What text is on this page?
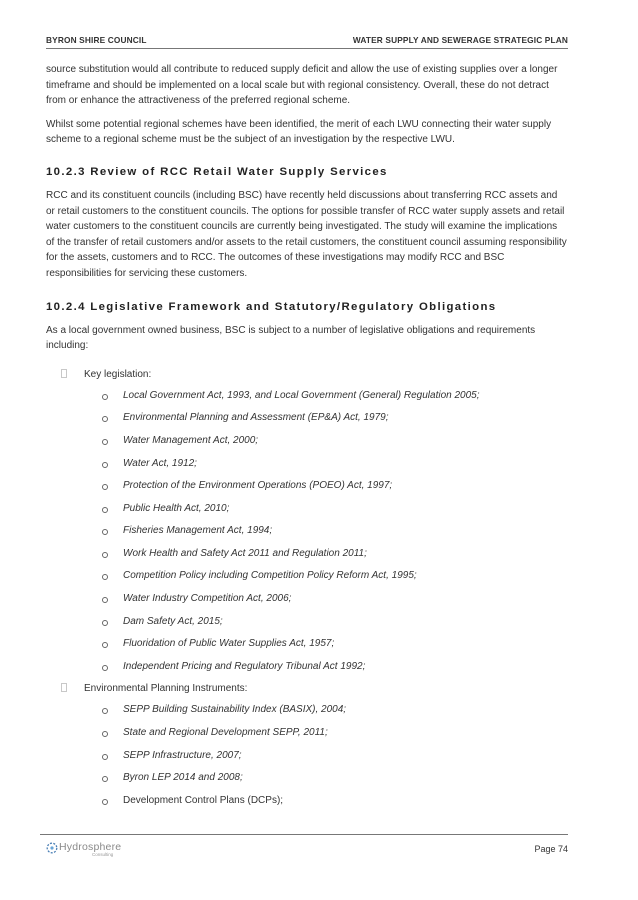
BYRON SHIRE COUNCIL	WATER SUPPLY AND SEWERAGE STRATEGIC PLAN

source substitution would all contribute to reduced supply deficit and allow the use of existing supplies over a longer timeframe and should be implemented on a local scale but with regional consistency. Overall, these do not detract from or enhance the attractiveness of the preferred regional scheme.

Whilst some potential regional schemes have been identified, the merit of each LWU connecting their water supply scheme to a regional scheme must be the subject of an investigation by the respective LWU.

10.2.3 Review of RCC Retail Water Supply Services

RCC and its constituent councils (including BSC) have recently held discussions about transferring RCC assets and or retail customers to the constituent councils. The options for possible transfer of RCC water supply assets and retail water customers to the constituent councils are currently being investigated. The study will examine the implications of the transfer of retail customers and/or assets to the retail customers, the constituent council assuming responsibility for the assets, customers and to RCC. The outcomes of these investigations may modify RCC and BSC responsibilities for servicing these customers.

10.2.4 Legislative Framework and Statutory/Regulatory Obligations

As a local government owned business, BSC is subject to a number of legislative obligations and requirements including:

Key legislation:
Local Government Act, 1993, and Local Government (General) Regulation 2005;
Environmental Planning and Assessment (EP&A) Act, 1979;
Water Management Act, 2000;
Water Act, 1912;
Protection of the Environment Operations (POEO) Act, 1997;
Public Health Act, 2010;
Fisheries Management Act, 1994;
Work Health and Safety Act 2011 and Regulation 2011;
Competition Policy including Competition Policy Reform Act, 1995;
Water Industry Competition Act, 2006;
Dam Safety Act, 2015;
Fluoridation of Public Water Supplies Act, 1957;
Independent Pricing and Regulatory Tribunal Act 1992;
Environmental Planning Instruments:
SEPP Building Sustainability Index (BASIX), 2004;
State and Regional Development SEPP, 2011;
SEPP Infrastructure, 2007;
Byron LEP 2014 and 2008;
Development Control Plans (DCPs);
Hydrosphere
Consulting
Page 74
